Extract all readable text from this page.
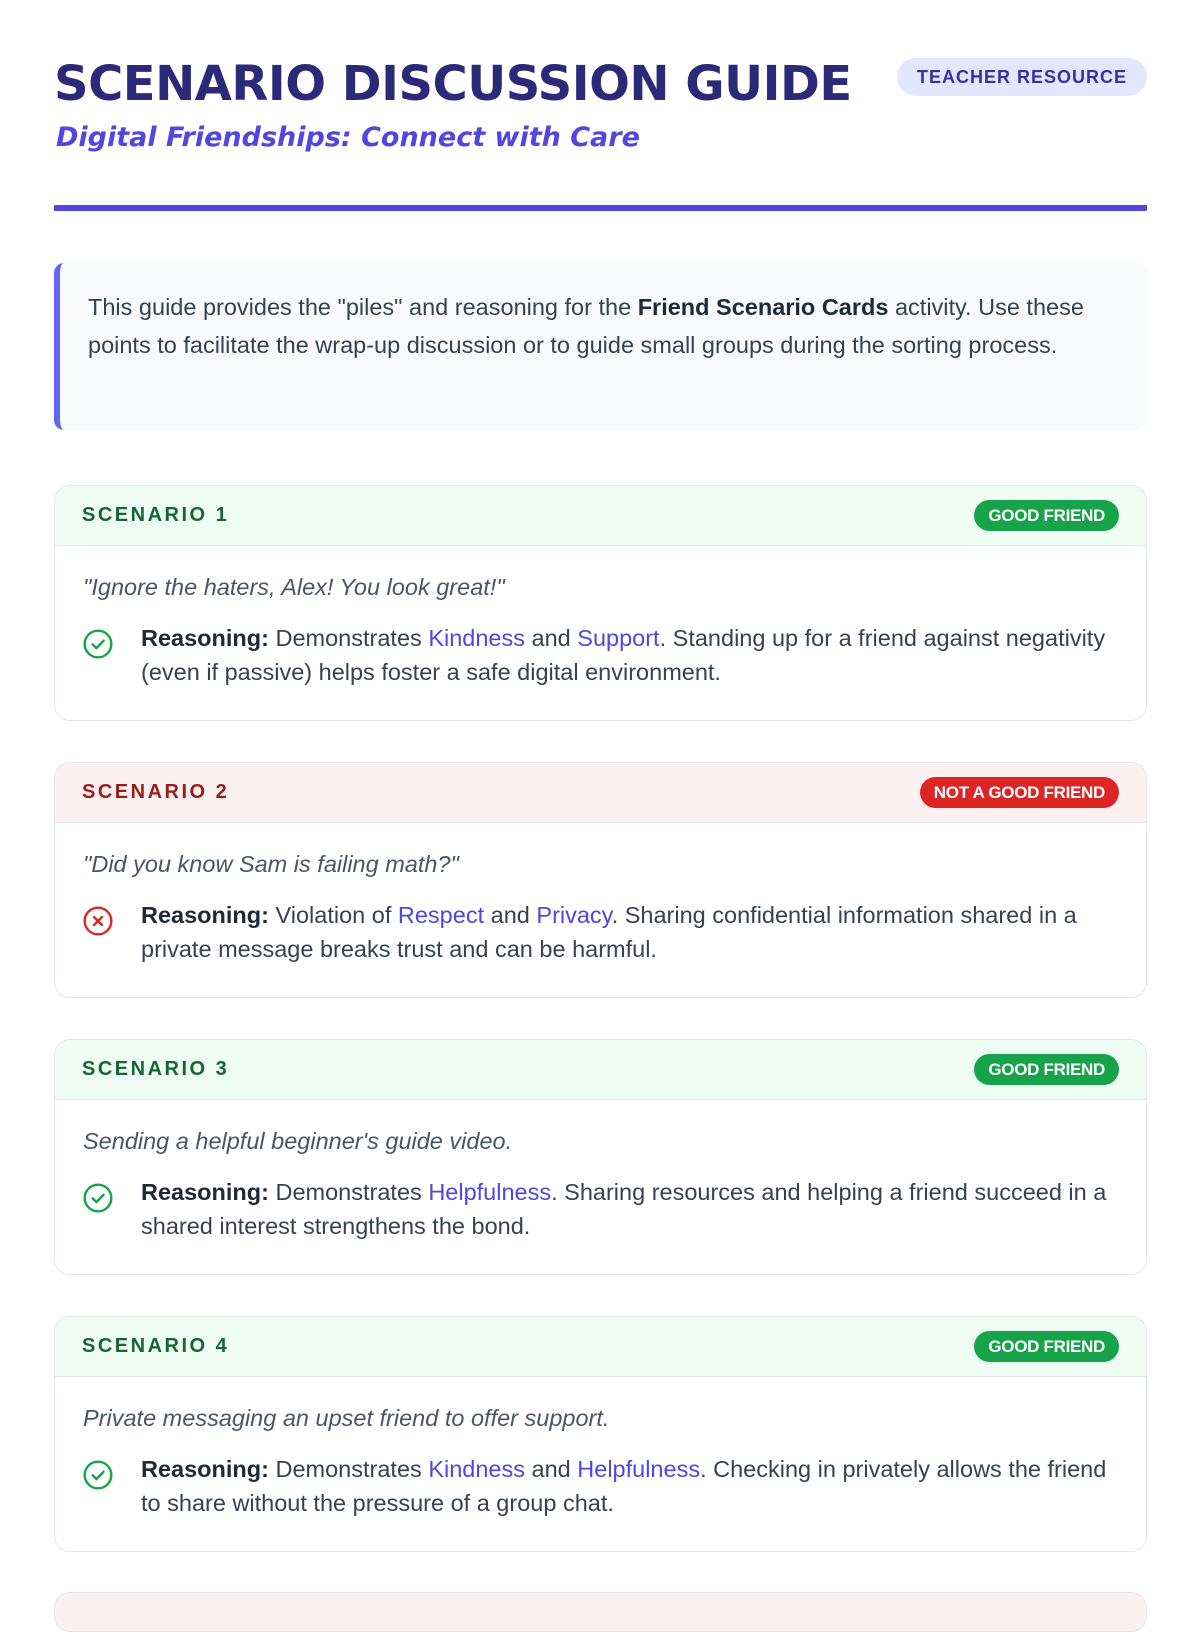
SCENARIO DISCUSSION GUIDE
Digital Friendships: Connect with Care
TEACHER RESOURCE
This guide provides the "piles" and reasoning for the Friend Scenario Cards activity. Use these points to facilitate the wrap-up discussion or to guide small groups during the sorting process.
SCENARIO 1	GOOD FRIEND
"Ignore the haters, Alex! You look great!"
Reasoning: Demonstrates Kindness and Support. Standing up for a friend against negativity (even if passive) helps foster a safe digital environment.
SCENARIO 2	NOT A GOOD FRIEND
"Did you know Sam is failing math?"
Reasoning: Violation of Respect and Privacy. Sharing confidential information shared in a private message breaks trust and can be harmful.
SCENARIO 3	GOOD FRIEND
Sending a helpful beginner's guide video.
Reasoning: Demonstrates Helpfulness. Sharing resources and helping a friend succeed in a shared interest strengthens the bond.
SCENARIO 4	GOOD FRIEND
Private messaging an upset friend to offer support.
Reasoning: Demonstrates Kindness and Helpfulness. Checking in privately allows the friend to share without the pressure of a group chat.
